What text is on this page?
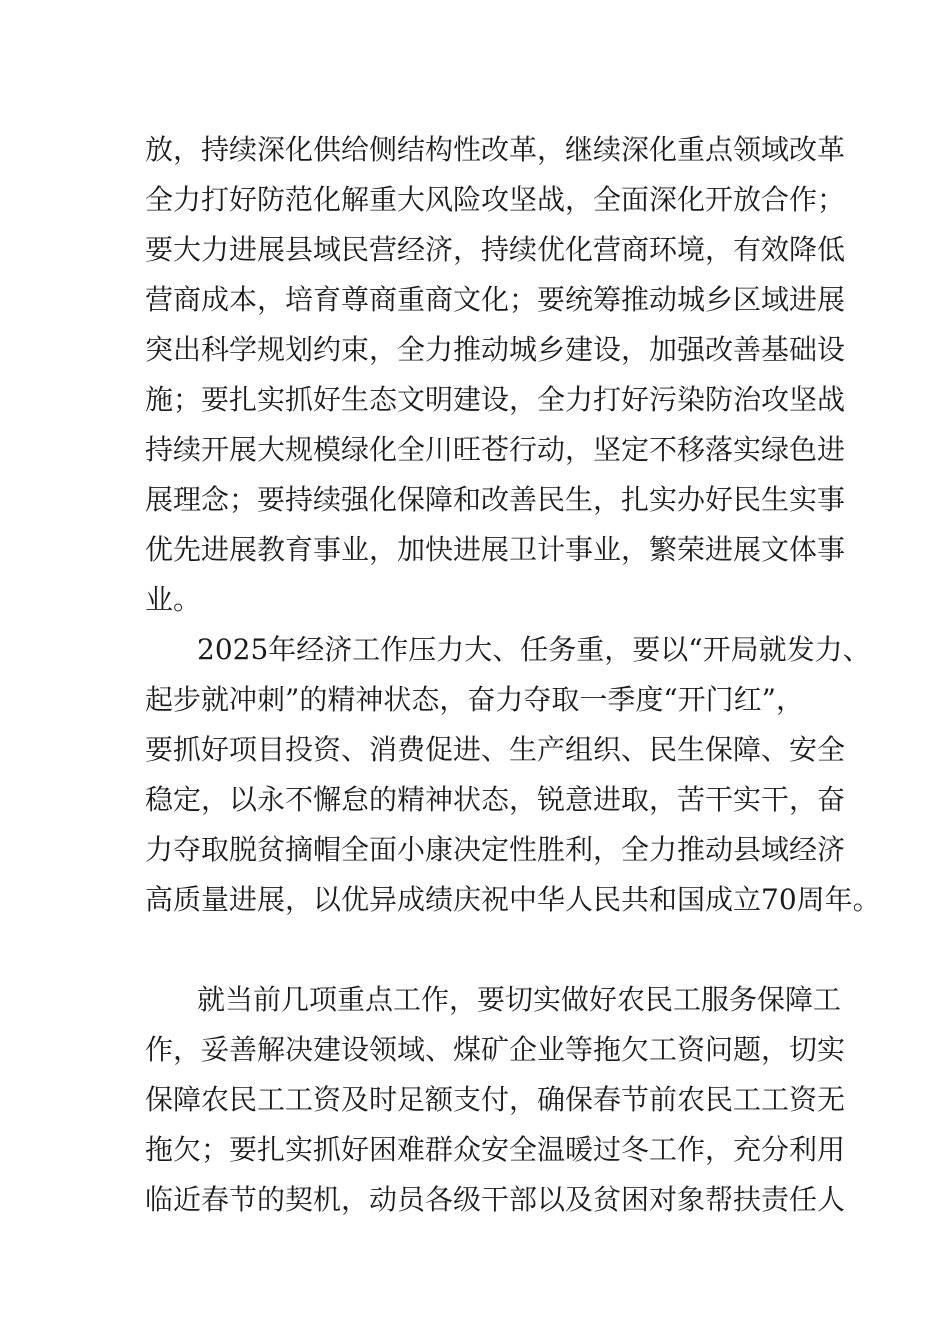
放，持续深化供给侧结构性改革，继续深化重点领域改革
全力打好防范化解重大风险攻坚战，全面深化开放合作；
要大力进展县域民营经济，持续优化营商环境，有效降低
营商成本，培育尊商重商文化；要统筹推动城乡区域进展
突出科学规划约束，全力推动城乡建设，加强改善基础设
施；要扎实抓好生态文明建设，全力打好污染防治攻坚战
持续开展大规模绿化全川旺苍行动，坚定不移落实绿色进
展理念；要持续强化保障和改善民生，扎实办好民生实事
优先进展教育事业，加快进展卫计事业，繁荣进展文体事
业。
2025年经济工作压力大、任务重，要以“开局就发力、
起步就冲刺”的精神状态，奋力夺取一季度“开门红”，
要抓好项目投资、消费促进、生产组织、民生保障、安全
稳定，以永不懈怠的精神状态，锐意进取，苦干实干，奋
力夺取脱贫摘帽全面小康决定性胜利，全力推动县域经济
高质量进展，以优异成绩庆祝中华人民共和国成立70周年。
就当前几项重点工作，要切实做好农民工服务保障工
作，妥善解决建设领域、煤矿企业等拖欠工资问题，切实
保障农民工工资及时足额支付，确保春节前农民工工资无
拖欠；要扎实抓好困难群众安全温暖过冬工作，充分利用
临近春节的契机，动员各级干部以及贫困对象帮扶责任人
